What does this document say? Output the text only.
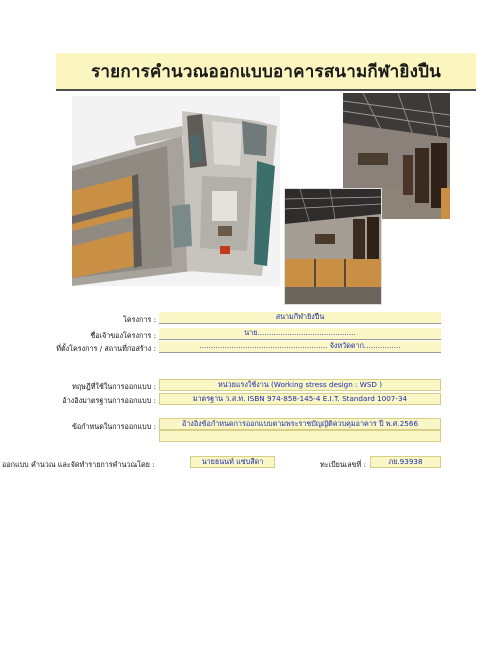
รายการคำนวณออกแบบอาคารสนามกีฬายิงปืน
โครงการ :	สนามกีฬายิงปืน
ชื่อเจ้าของโครงการ :	นาย...........................................
ที่ตั้งโครงการ / สถานที่ก่อสร้าง :	........................................................ จังหวัดตาก................
ทฤษฎีที่ใช้ในการออกแบบ :	หน่วยแรงใช้งาน (Working stress design : WSD )
อ้างอิงมาตรฐานการออกแบบ :	มาตรฐาน ว.ส.ท. ISBN 974-858-145-4 E.I.T. Standard 1007-34
ข้อกำหนดในการออกแบบ :	อ้างอิงข้อกำหนดการออกแบบตามพระราชบัญญัติควบคุมอาคาร ปี พ.ศ.2566
ออกแบบ คำนวณ และจัดทำรายการคำนวณโดย :	นายธนนท์ แซ่บสีดา	ทะเบียนเลขที่ :	ภย.93938
